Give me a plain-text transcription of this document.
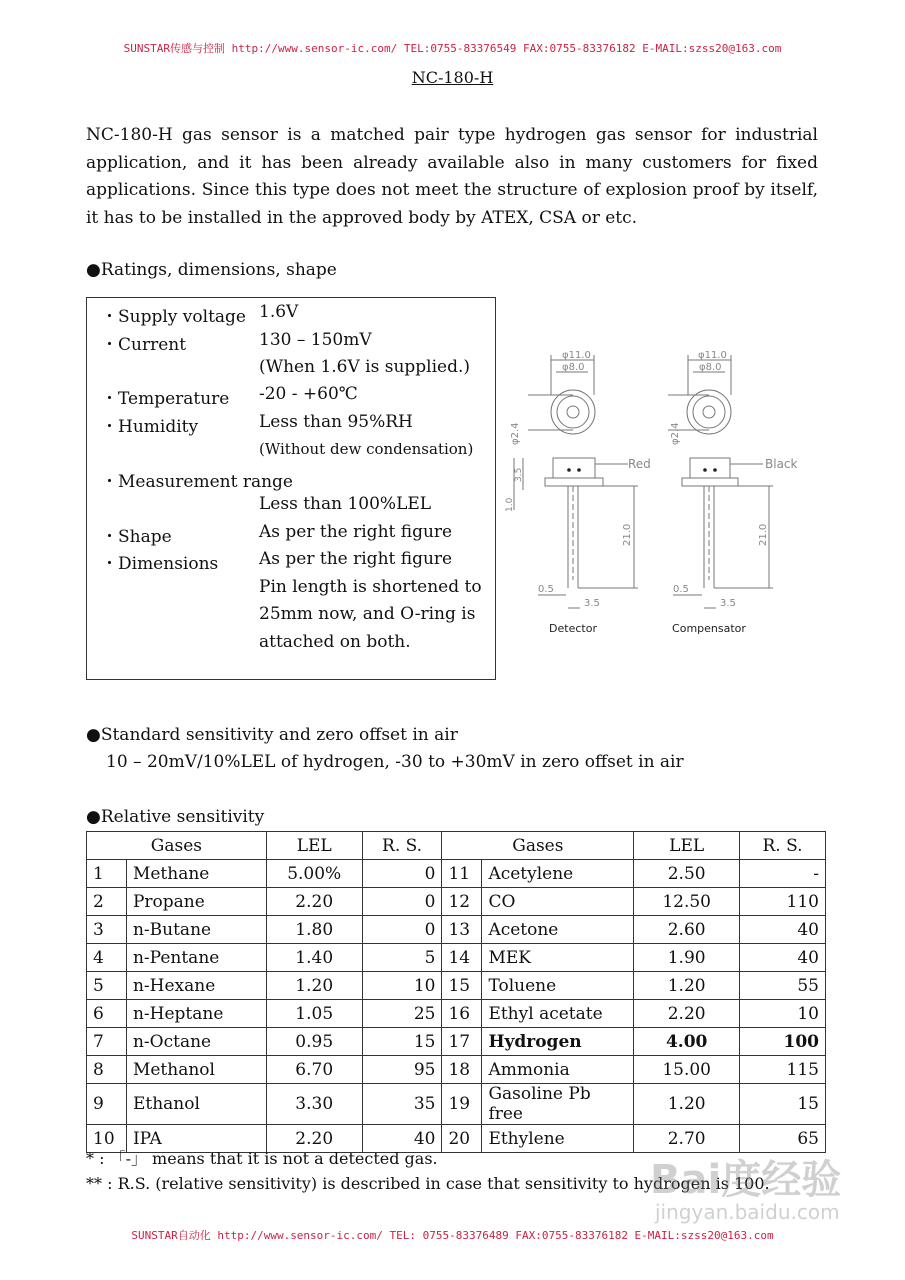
SUNSTAR传感与控制 http://www.sensor-ic.com/ TEL:0755-83376549 FAX:0755-83376182 E-MAIL:szss20@163.com
NC-180-H
NC-180-H gas sensor is a matched pair type hydrogen gas sensor for industrial application, and it has been already available also in many customers for fixed applications. Since this type does not meet the structure of explosion proof by itself, it has to be installed in the approved body by ATEX, CSA or etc.
●Ratings, dimensions, shape
・Supply voltage 1.6V
・Current	130 – 150mV
(When 1.6V is supplied.)
・Temperature -20 - +60℃
・Humidity	Less than 95%RH
(Without dew condensation)
・Measurement range
Less than 100%LEL
・Shape	As per the right figure
・Dimensions As per the right figure
Pin length is shortened to
25mm now, and O-ring is
attached on both.
φ11.0
φ8.0
φ2.4
Red
21.0
1.0
3.5
0.5
3.5
Detector
φ11.0
φ8.0
φ2.4
Black
21.0
0.5
3.5
Compensator
●Standard sensitivity and zero offset in air
10 – 20mV/10%LEL of hydrogen, -30 to +30mV in zero offset in air
●Relative sensitivity
Gases		LEL	R. S.	Gases		LEL	R. S.
1	Methane	5.00%	0	11	Acetylene	2.50	-
2	Propane	2.20	0	12	CO	12.50	110
3	n-Butane	1.80	0	13	Acetone	2.60	40
4	n-Pentane	1.40	5	14	MEK	1.90	40
5	n-Hexane	1.20	10	15	Toluene	1.20	55
6	n-Heptane	1.05	25	16	Ethyl acetate	2.20	10
7	n-Octane	0.95	15	17	Hydrogen	4.00	100
8	Methanol	6.70	95	18	Ammonia	15.00	115
9	Ethanol	3.30	35	19	Gasoline Pb free	1.20	15
10	IPA	2.20	40	20	Ethylene	2.70	65
* : 「-」 means that it is not a detected gas.
** : R.S. (relative sensitivity) is described in case that sensitivity to hydrogen is 100.
Bai度经验
jingyan.baidu.com
SUNSTAR自动化 http://www.sensor-ic.com/ TEL: 0755-83376489 FAX:0755-83376182 E-MAIL:szss20@163.com
